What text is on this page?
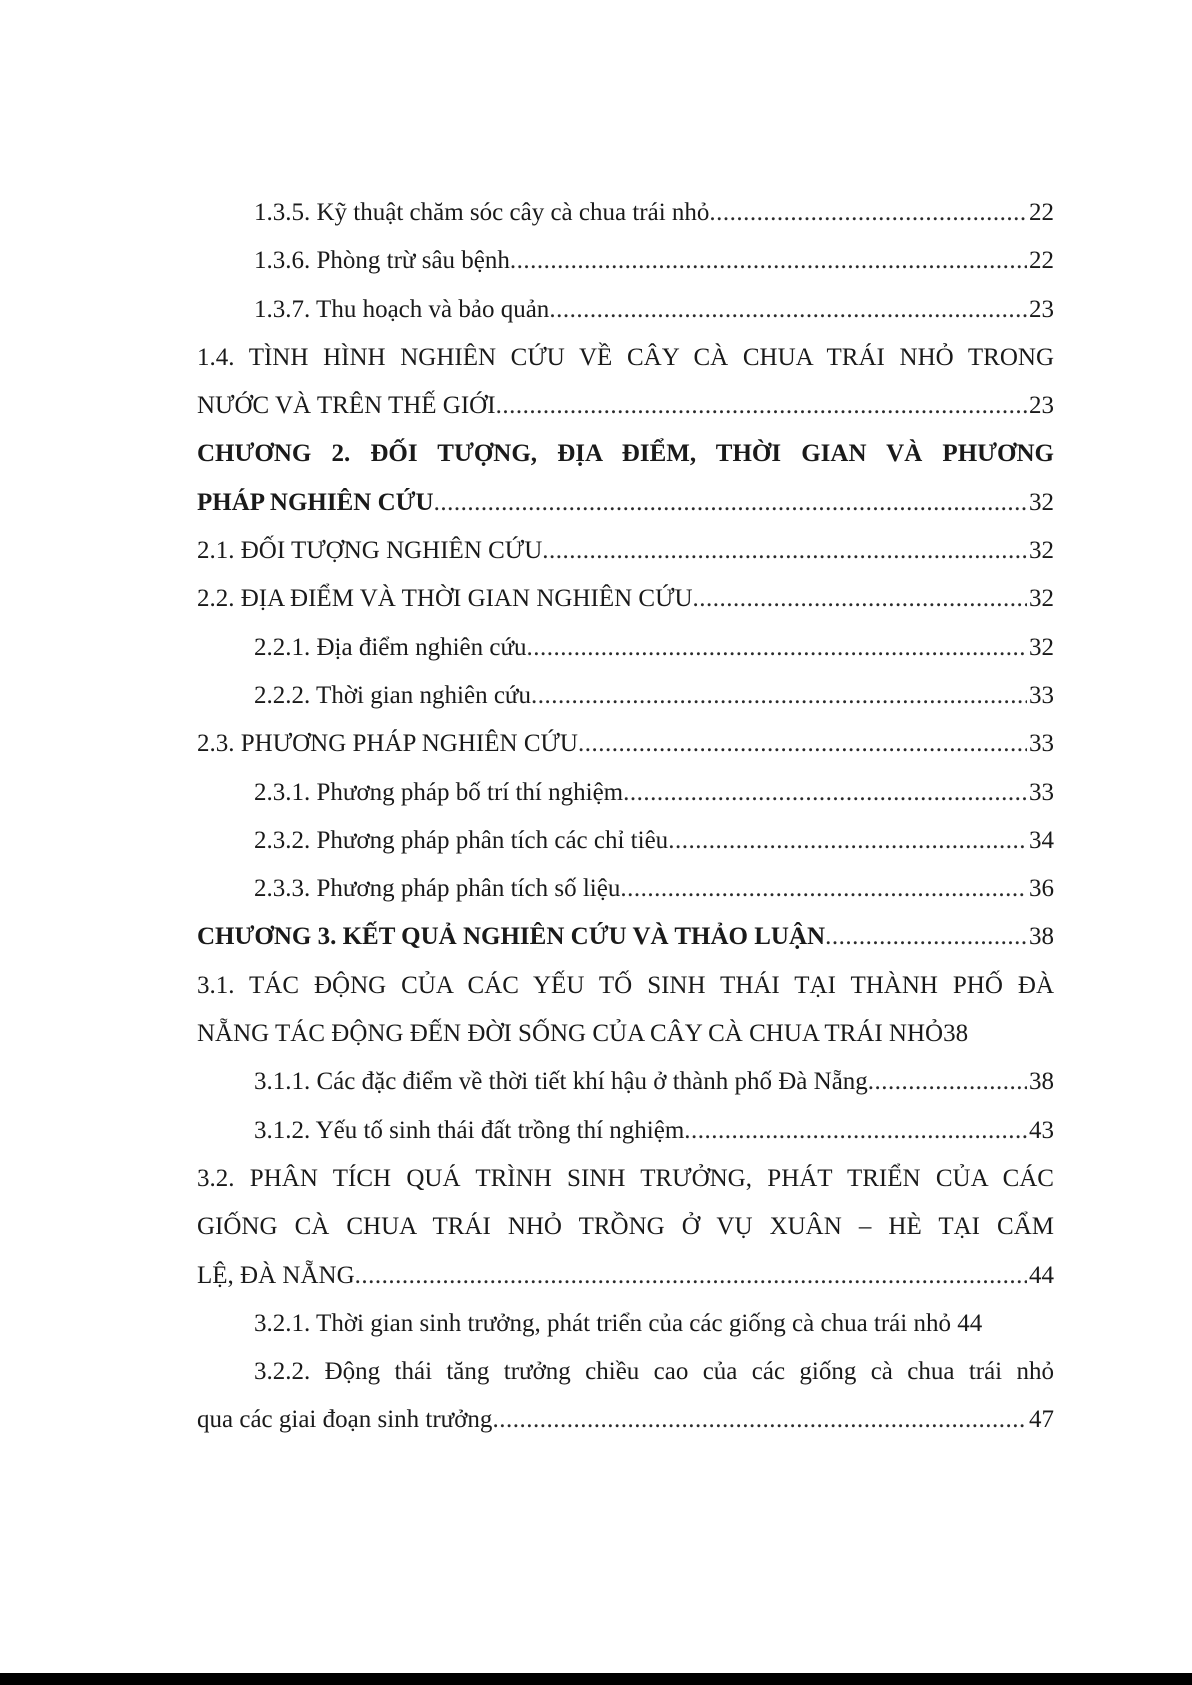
1.3.5. Kỹ thuật chăm sóc cây cà chua trái nhỏ .....	22
1.3.6. Phòng trừ sâu bệnh .....	22
1.3.7. Thu hoạch và bảo quản .....	23
1.4. TÌNH HÌNH NGHIÊN CỨU VỀ CÂY CÀ CHUA TRÁI NHỎ TRONG
NƯỚC VÀ TRÊN THẾ GIỚI .....	23
CHƯƠNG 2. ĐỐI TƯỢNG, ĐỊA ĐIỂM, THỜI GIAN VÀ PHƯƠNG
PHÁP NGHIÊN CỨU .....	32
2.1. ĐỐI TƯỢNG NGHIÊN CỨU .....	32
2.2. ĐỊA ĐIỂM VÀ THỜI GIAN NGHIÊN CỨU .....	32
2.2.1. Địa điểm nghiên cứu .....	32
2.2.2. Thời gian nghiên cứu .....	33
2.3. PHƯƠNG PHÁP NGHIÊN CỨU .....	33
2.3.1. Phương pháp bố trí thí nghiệm .....	33
2.3.2. Phương pháp phân tích các chỉ tiêu .....	34
2.3.3. Phương pháp phân tích số liệu .....	36
CHƯƠNG 3. KẾT QUẢ NGHIÊN CỨU VÀ THẢO LUẬN .....	38
3.1. TÁC ĐỘNG CỦA CÁC YẾU TỐ SINH THÁI TẠI THÀNH PHỐ ĐÀ
NẴNG TÁC ĐỘNG ĐẾN ĐỜI SỐNG CỦA CÂY CÀ CHUA TRÁI NHỎ38
3.1.1. Các đặc điểm về thời tiết khí hậu ở thành phố Đà Nẵng .....	38
3.1.2. Yếu tố sinh thái đất trồng thí nghiệm .....	43
3.2. PHÂN TÍCH QUÁ TRÌNH SINH TRƯỞNG, PHÁT TRIỂN CỦA CÁC
GIỐNG CÀ CHUA TRÁI NHỎ TRỒNG Ở VỤ XUÂN – HÈ TẠI CẨM
LỆ, ĐÀ NẴNG .....	44
3.2.1. Thời gian sinh trưởng, phát triển của các giống cà chua trái nhỏ 44
3.2.2. Động thái tăng trưởng chiều cao của các giống cà chua trái nhỏ
qua các giai đoạn sinh trưởng .....	47
